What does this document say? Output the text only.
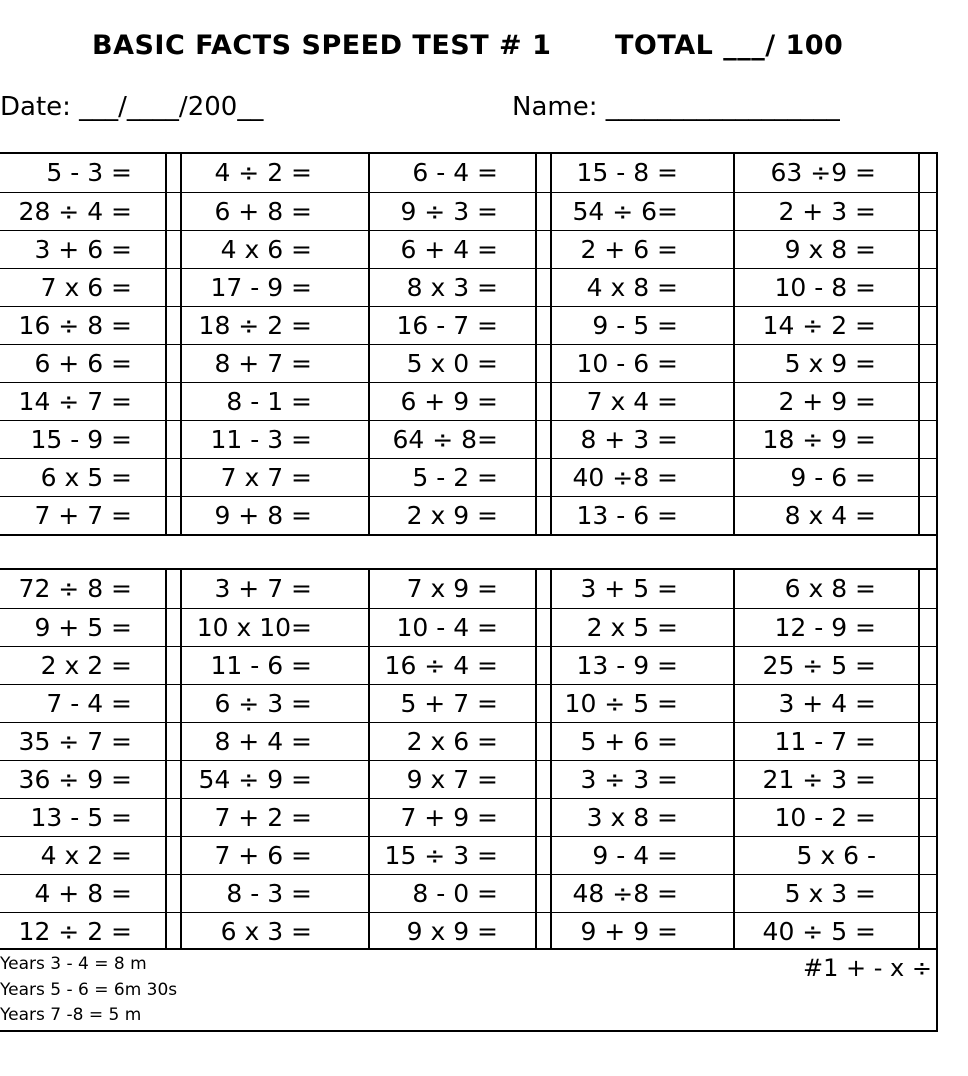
BASIC FACTS SPEED TEST # 1 TOTAL ___/ 100
Date: ___/____/200__	Name: __________________
5 - 3 =	4 ÷ 2 =	6 - 4 =	15 - 8 =	63 ÷9 =
28 ÷ 4 =	6 + 8 =	9 ÷ 3 =	54 ÷ 6=	2 + 3 =
3 + 6 =	4 x 6 =	6 + 4 =	2 + 6 =	9 x 8 =
7 x 6 =	17 - 9 =	8 x 3 =	4 x 8 =	10 - 8 =
16 ÷ 8 =	18 ÷ 2 =	16 - 7 =	9 - 5 =	14 ÷ 2 =
6 + 6 =	8 + 7 =	5 x 0 =	10 - 6 =	5 x 9 =
14 ÷ 7 =	8 - 1 =	6 + 9 =	7 x 4 =	2 + 9 =
15 - 9 =	11 - 3 =	64 ÷ 8=	8 + 3 =	18 ÷ 9 =
6 x 5 =	7 x 7 =	5 - 2 =	40 ÷8 =	9 - 6 =
7 + 7 =	9 + 8 =	2 x 9 =	13 - 6 =	8 x 4 =
72 ÷ 8 =	3 + 7 =	7 x 9 =	3 + 5 =	6 x 8 =
9 + 5 =	10 x 10=	10 - 4 =	2 x 5 =	12 - 9 =
2 x 2 =	11 - 6 =	16 ÷ 4 =	13 - 9 =	25 ÷ 5 =
7 - 4 =	6 ÷ 3 =	5 + 7 =	10 ÷ 5 =	3 + 4 =
35 ÷ 7 =	8 + 4 =	2 x 6 =	5 + 6 =	11 - 7 =
36 ÷ 9 =	54 ÷ 9 =	9 x 7 =	3 ÷ 3 =	21 ÷ 3 =
13 - 5 =	7 + 2 =	7 + 9 =	3 x 8 =	10 - 2 =
4 x 2 =	7 + 6 =	15 ÷ 3 =	9 - 4 =	5 x 6 -
4 + 8 =	8 - 3 =	8 - 0 =	48 ÷8 =	5 x 3 =
12 ÷ 2 =	6 x 3 =	9 x 9 =	9 + 9 =	40 ÷ 5 =
Years 3 - 4 = 8 m
Years 5 - 6 = 6m 30s
Years 7 -8 = 5 m
#1 + - x ÷
